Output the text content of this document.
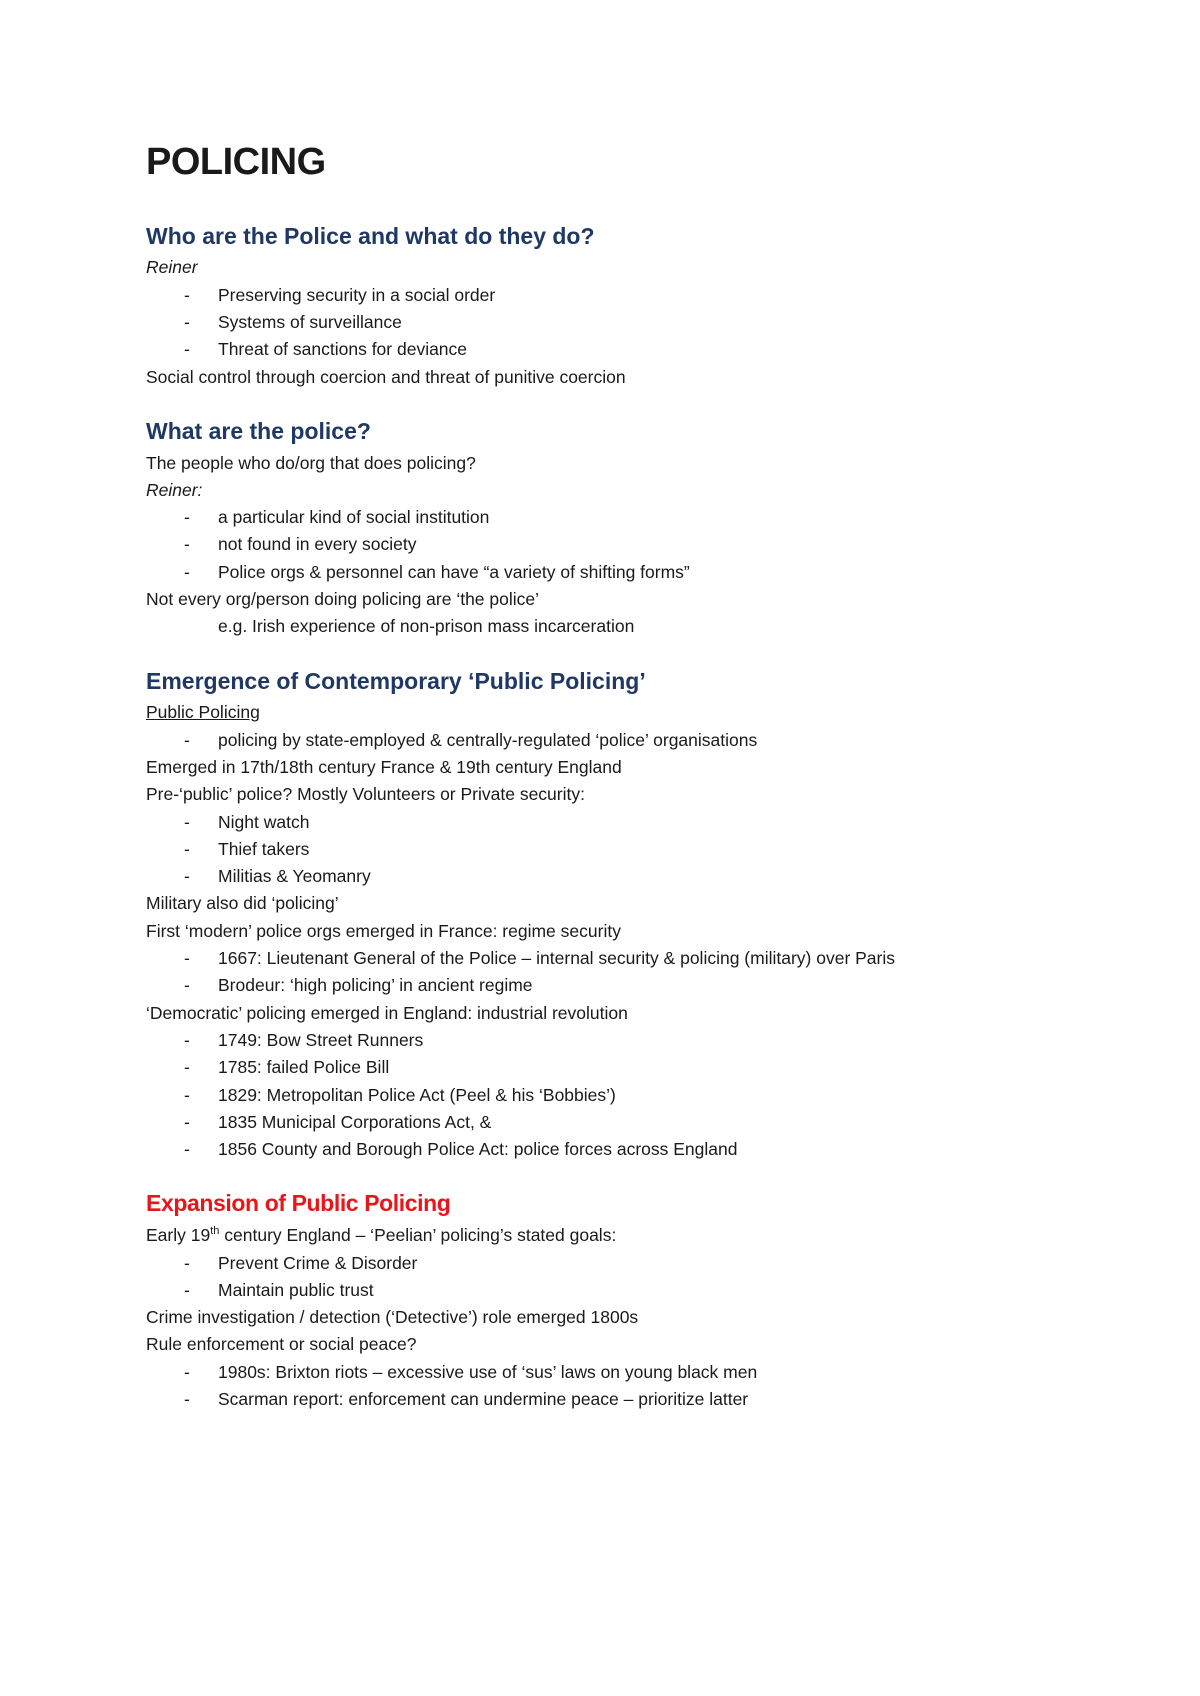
POLICING
Who are the Police and what do they do?
Reiner
- Preserving security in a social order
- Systems of surveillance
- Threat of sanctions for deviance
Social control through coercion and threat of punitive coercion
What are the police?
The people who do/org that does policing?
Reiner:
- a particular kind of social institution
- not found in every society
- Police orgs & personnel can have “a variety of shifting forms”
Not every org/person doing policing are ‘the police’
e.g. Irish experience of non-prison mass incarceration
Emergence of Contemporary ‘Public Policing’
Public Policing
- policing by state-employed & centrally-regulated ‘police’ organisations
Emerged in 17th/18th century France & 19th century England
Pre-‘public’ police? Mostly Volunteers or Private security:
- Night watch
- Thief takers
- Militias & Yeomanry
Military also did ‘policing’
First ‘modern’ police orgs emerged in France: regime security
- 1667: Lieutenant General of the Police – internal security & policing (military) over Paris
- Brodeur: ‘high policing’ in ancient regime
‘Democratic’ policing emerged in England: industrial revolution
- 1749: Bow Street Runners
- 1785: failed Police Bill
- 1829: Metropolitan Police Act (Peel & his ‘Bobbies’)
- 1835 Municipal Corporations Act, &
- 1856 County and Borough Police Act: police forces across England
Expansion of Public Policing
Early 19th century England – ‘Peelian’ policing’s stated goals:
- Prevent Crime & Disorder
- Maintain public trust
Crime investigation / detection (‘Detective’) role emerged 1800s
Rule enforcement or social peace?
- 1980s: Brixton riots – excessive use of ‘sus’ laws on young black men
- Scarman report: enforcement can undermine peace – prioritize latter
